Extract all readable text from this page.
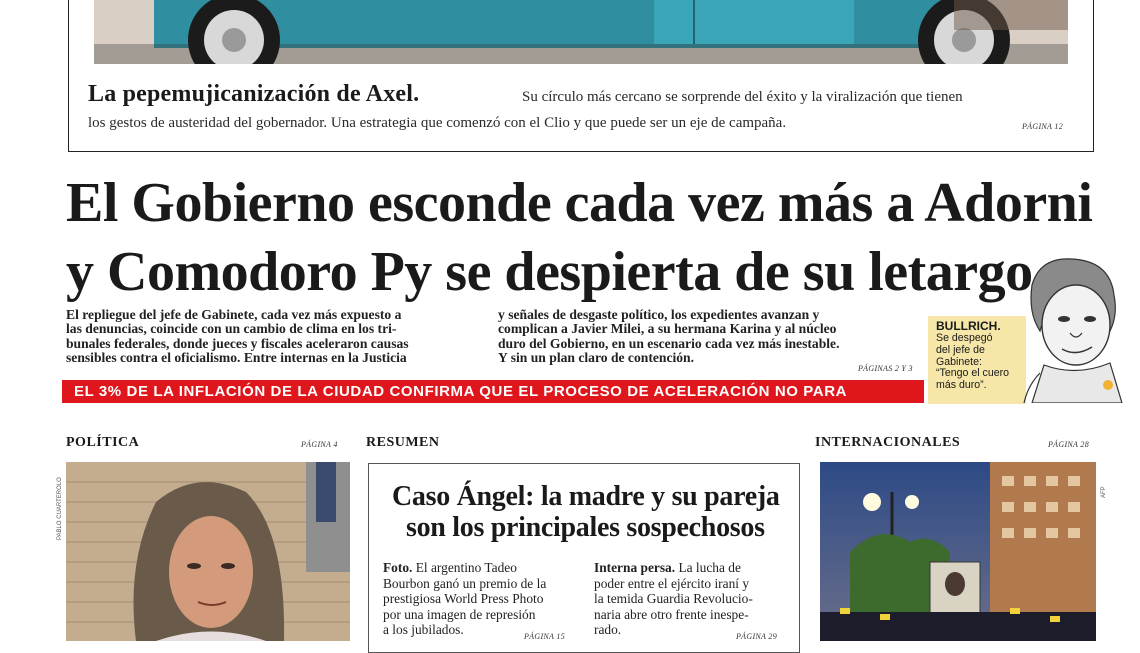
La pepemujicanización de Axel.	Su círculo más cercano se sorprende del éxito y la viralización que tienen
los gestos de austeridad del gobernador. Una estrategia que comenzó con el Clio y que puede ser un eje de campaña.	PÁGINA 12
El Gobierno esconde cada vez más a Adorni
y Comodoro Py se despierta de su letargo
El repliegue del jefe de Gabinete, cada vez más expuesto a
las denuncias, coincide con un cambio de clima en los tri-
bunales federales, donde jueces y fiscales aceleraron causas
sensibles contra el oficialismo. Entre internas en la Justicia
y señales de desgaste político, los expedientes avanzan y
complican a Javier Milei, a su hermana Karina y al núcleo
duro del Gobierno, en un escenario cada vez más inestable.
Y sin un plan claro de contención.
PÁGINAS 2 Y 3
BULLRICH.
Se despegó
del jefe de
Gabinete:
“Tengo el cuero
más duro”.
EL 3% DE LA INFLACIÓN DE LA CIUDAD CONFIRMA QUE EL PROCESO DE ACELERACIÓN NO PARA
POLÍTICA	PÁGINA 4 RESUMEN	INTERNACIONALES	PÁGINA 28
PABLO CUARTEROLO	Caso Ángel: la madre y su pareja
son los principales sospechosos
Foto. El argentino Tadeo
Bourbon ganó un premio de la
prestigiosa World Press Photo
por una imagen de represión
a los jubilados.	PÁGINA 15
Interna persa. La lucha de
poder entre el ejército iraní y
la temida Guardia Revolucio-
naria abre otro frente inespe-
rado.	PÁGINA 29
AFP
